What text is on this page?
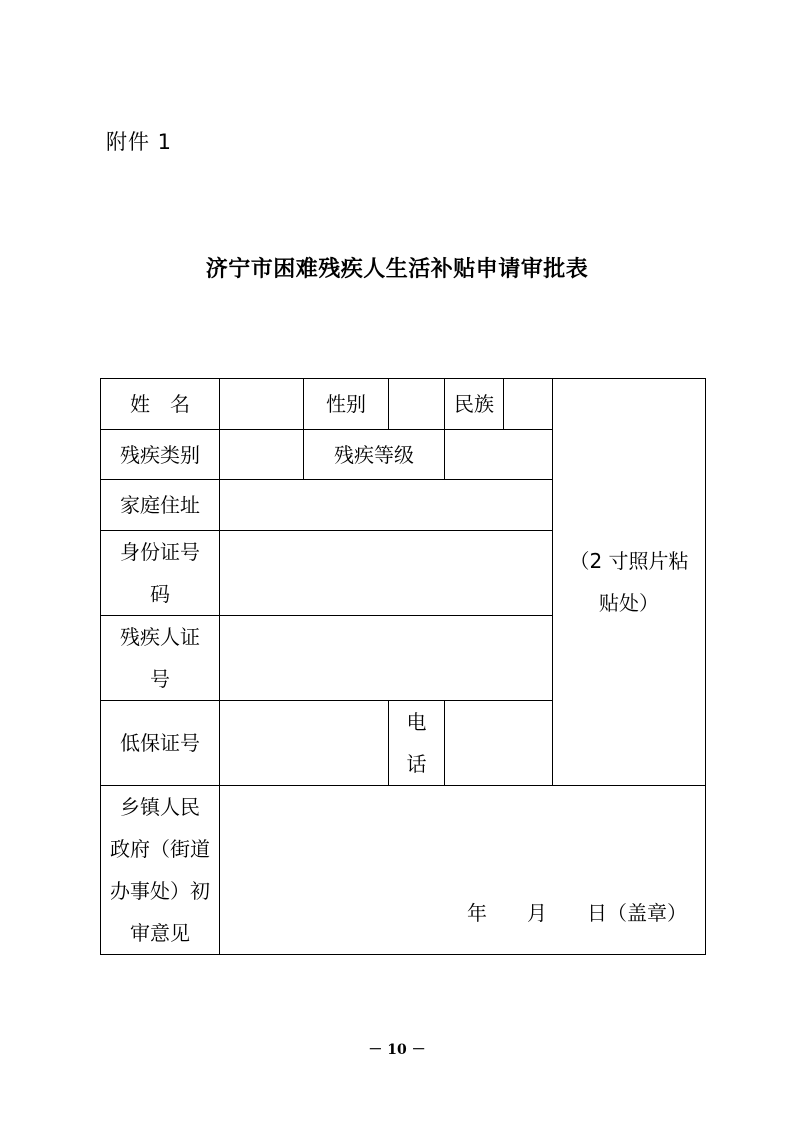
附件 1
济宁市困难残疾人生活补贴申请审批表
姓　名		性别		民族		（2 寸照片粘
贴处）

残疾类别		残疾等级				
家庭住址						

身份证号
码						

残疾人证
号						

低保证号			电
话			

乡镇人民
政府（街道
办事处）初
审意见	年　　月　　日（盖章）					
－ 10 －
